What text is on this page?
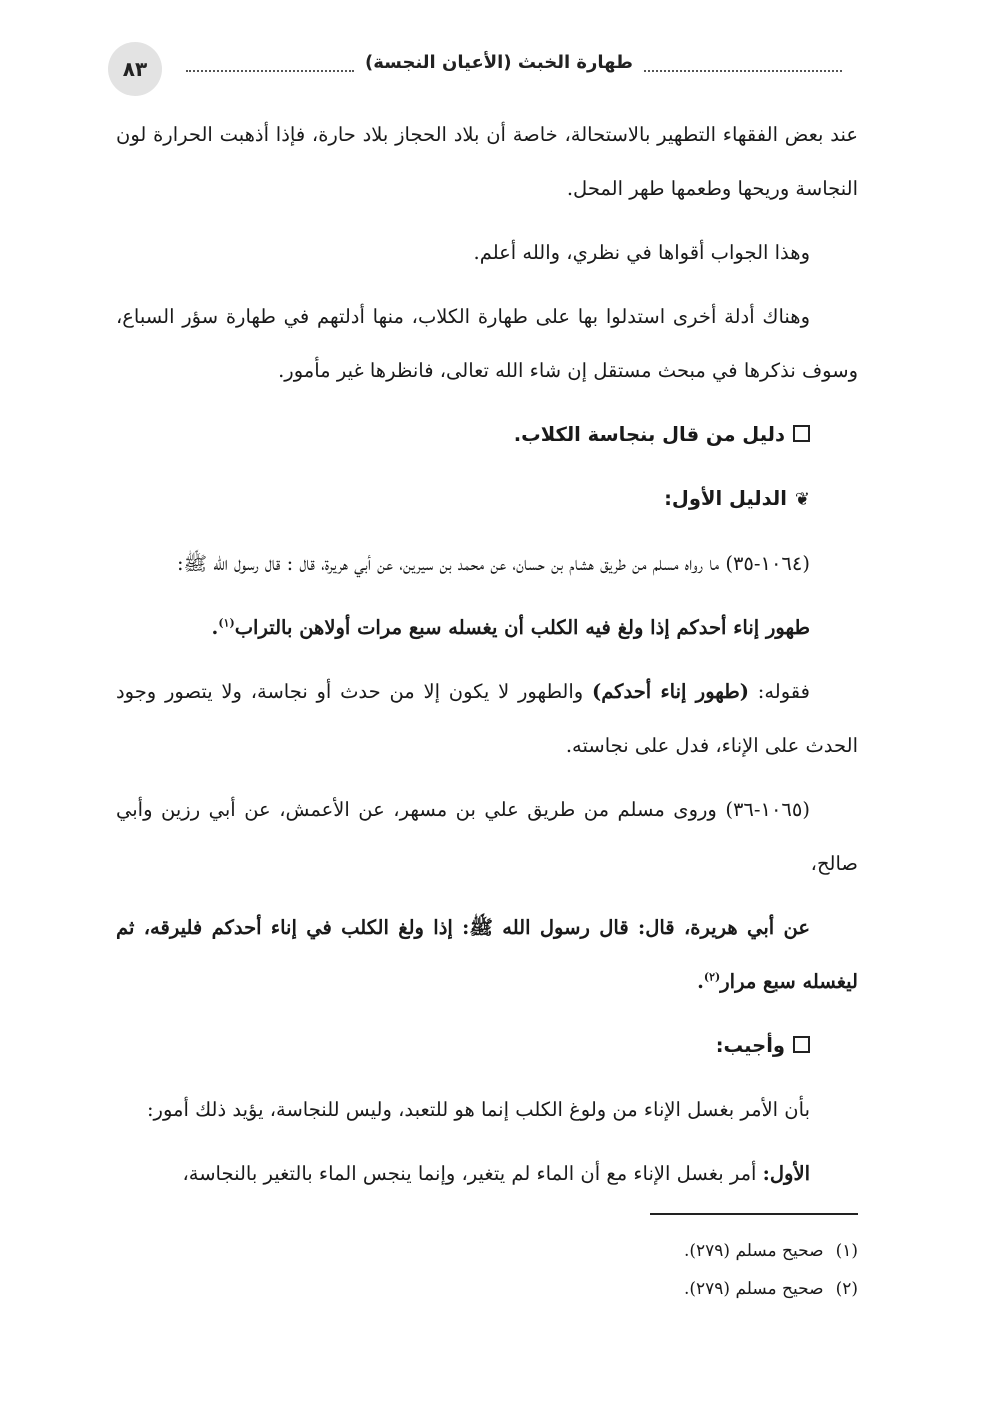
٨٣	طهارة الخبث (الأعيان النجسة)

عند بعض الفقهاء التطهير بالاستحالة، خاصة أن بلاد الحجاز بلاد حارة، فإذا أذهبت الحرارة لون النجاسة وريحها وطعمها طهر المحل.

وهذا الجواب أقواها في نظري، والله أعلم.

وهناك أدلة أخرى استدلوا بها على طهارة الكلاب، منها أدلتهم في طهارة سؤر السباع، وسوف نذكرها في مبحث مستقل إن شاء الله تعالى، فانظرها غير مأمور.

دليل من قال بنجاسة الكلاب.

❦الدليل الأول:

(١٠٦٤-٣٥) ما رواه مسلم من طريق هشام بن حسان، عن محمد بن سيرين، عن أبي هريرة، قال : قال رسول الله ﷺ:

طهور إناء أحدكم إذا ولغ فيه الكلب أن يغسله سبع مرات أولاهن بالتراب$^{(١)}$.

فقوله: (طهور إناء أحدكم) والطهور لا يكون إلا من حدث أو نجاسة، ولا يتصور وجود الحدث على الإناء، فدل على نجاسته.

(١٠٦٥-٣٦) وروى مسلم من طريق علي بن مسهر، عن الأعمش، عن أبي رزين وأبي صالح،

عن أبي هريرة، قال: قال رسول الله ﷺ: إذا ولغ الكلب في إناء أحدكم فليرقه، ثم ليغسله سبع مرار$^{(٢)}$.

وأجيب:

بأن الأمر بغسل الإناء من ولوغ الكلب إنما هو للتعبد، وليس للنجاسة، يؤيد ذلك أمور:

الأول: أمر بغسل الإناء مع أن الماء لم يتغير، وإنما ينجس الماء بالتغير بالنجاسة،

(١)صحيح مسلم (٢٧٩).
(٢)صحيح مسلم (٢٧٩).
